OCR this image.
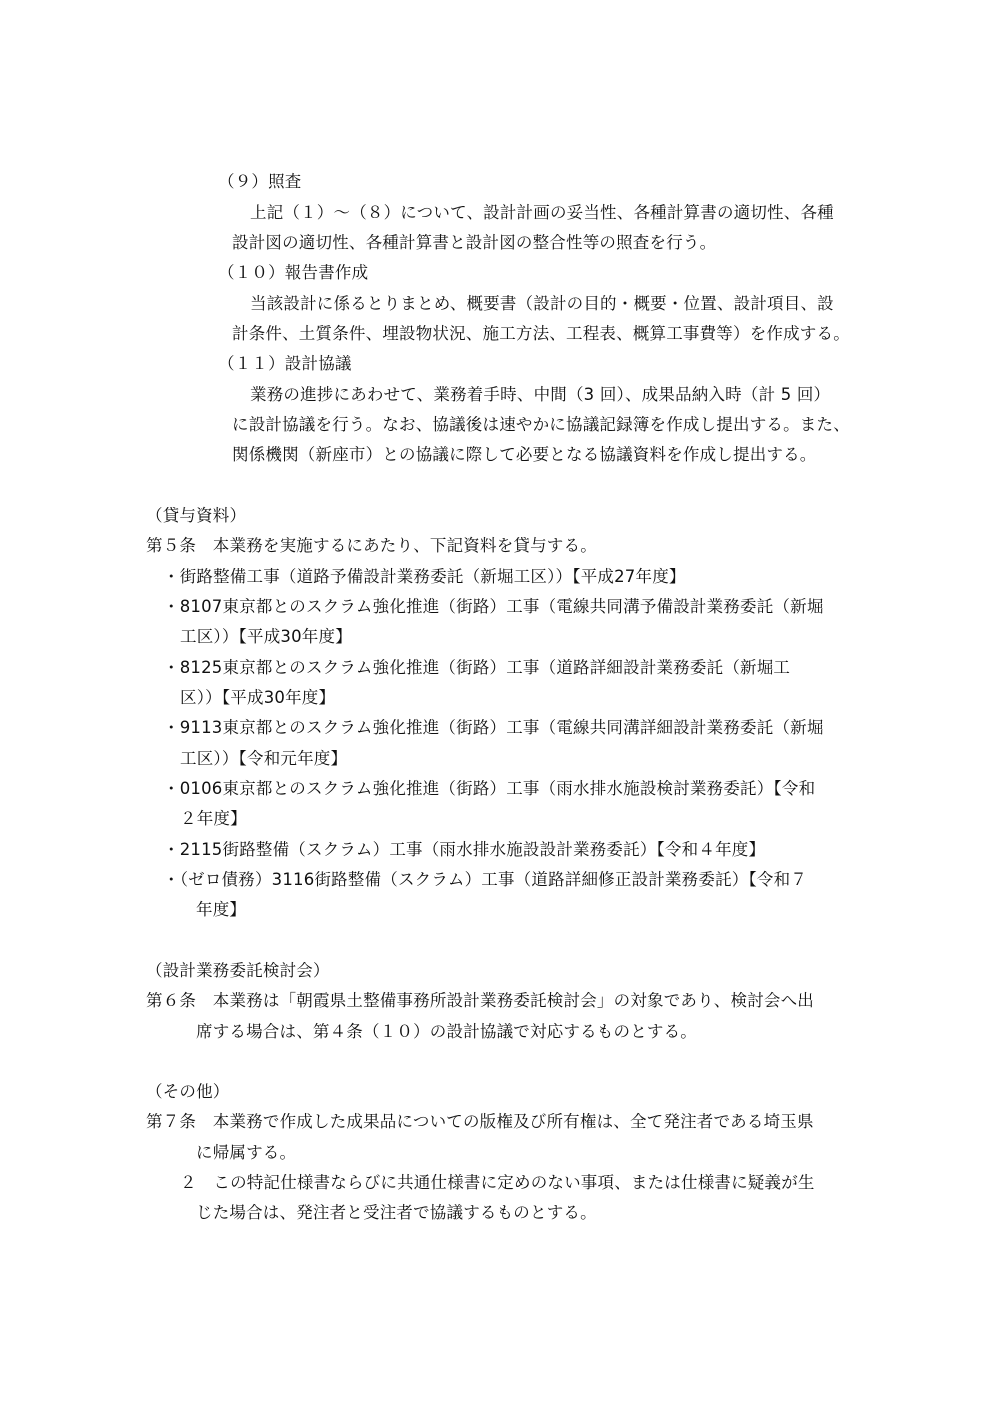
（９）照査
上記（１）～（８）について、設計計画の妥当性、各種計算書の適切性、各種
設計図の適切性、各種計算書と設計図の整合性等の照査を行う。
（１０）報告書作成
当該設計に係るとりまとめ、概要書（設計の目的・概要・位置、設計項目、設
計条件、土質条件、埋設物状況、施工方法、工程表、概算工事費等）を作成する。
（１１）設計協議
業務の進捗にあわせて、業務着手時、中間（3 回）、成果品納入時（計 5 回）
に設計協議を行う。なお、協議後は速やかに協議記録簿を作成し提出する。また、
関係機関（新座市）との協議に際して必要となる協議資料を作成し提出する。
（貸与資料）
第５条　本業務を実施するにあたり、下記資料を貸与する。
・街路整備工事（道路予備設計業務委託（新堀工区））【平成27年度】
・8107東京都とのスクラム強化推進（街路）工事（電線共同溝予備設計業務委託（新堀
工区））【平成30年度】
・8125東京都とのスクラム強化推進（街路）工事（道路詳細設計業務委託（新堀工
区））【平成30年度】
・9113東京都とのスクラム強化推進（街路）工事（電線共同溝詳細設計業務委託（新堀
工区））【令和元年度】
・0106東京都とのスクラム強化推進（街路）工事（雨水排水施設検討業務委託）【令和
２年度】
・2115街路整備（スクラム）工事（雨水排水施設設計業務委託）【令和４年度】
・（ゼロ債務）3116街路整備（スクラム）工事（道路詳細修正設計業務委託）【令和７
年度】
（設計業務委託検討会）
第６条　本業務は「朝霞県土整備事務所設計業務委託検討会」の対象であり、検討会へ出
席する場合は、第４条（１０）の設計協議で対応するものとする。
（その他）
第７条　本業務で作成した成果品についての版権及び所有権は、全て発注者である埼玉県
に帰属する。
２　この特記仕様書ならびに共通仕様書に定めのない事項、または仕様書に疑義が生
じた場合は、発注者と受注者で協議するものとする。
